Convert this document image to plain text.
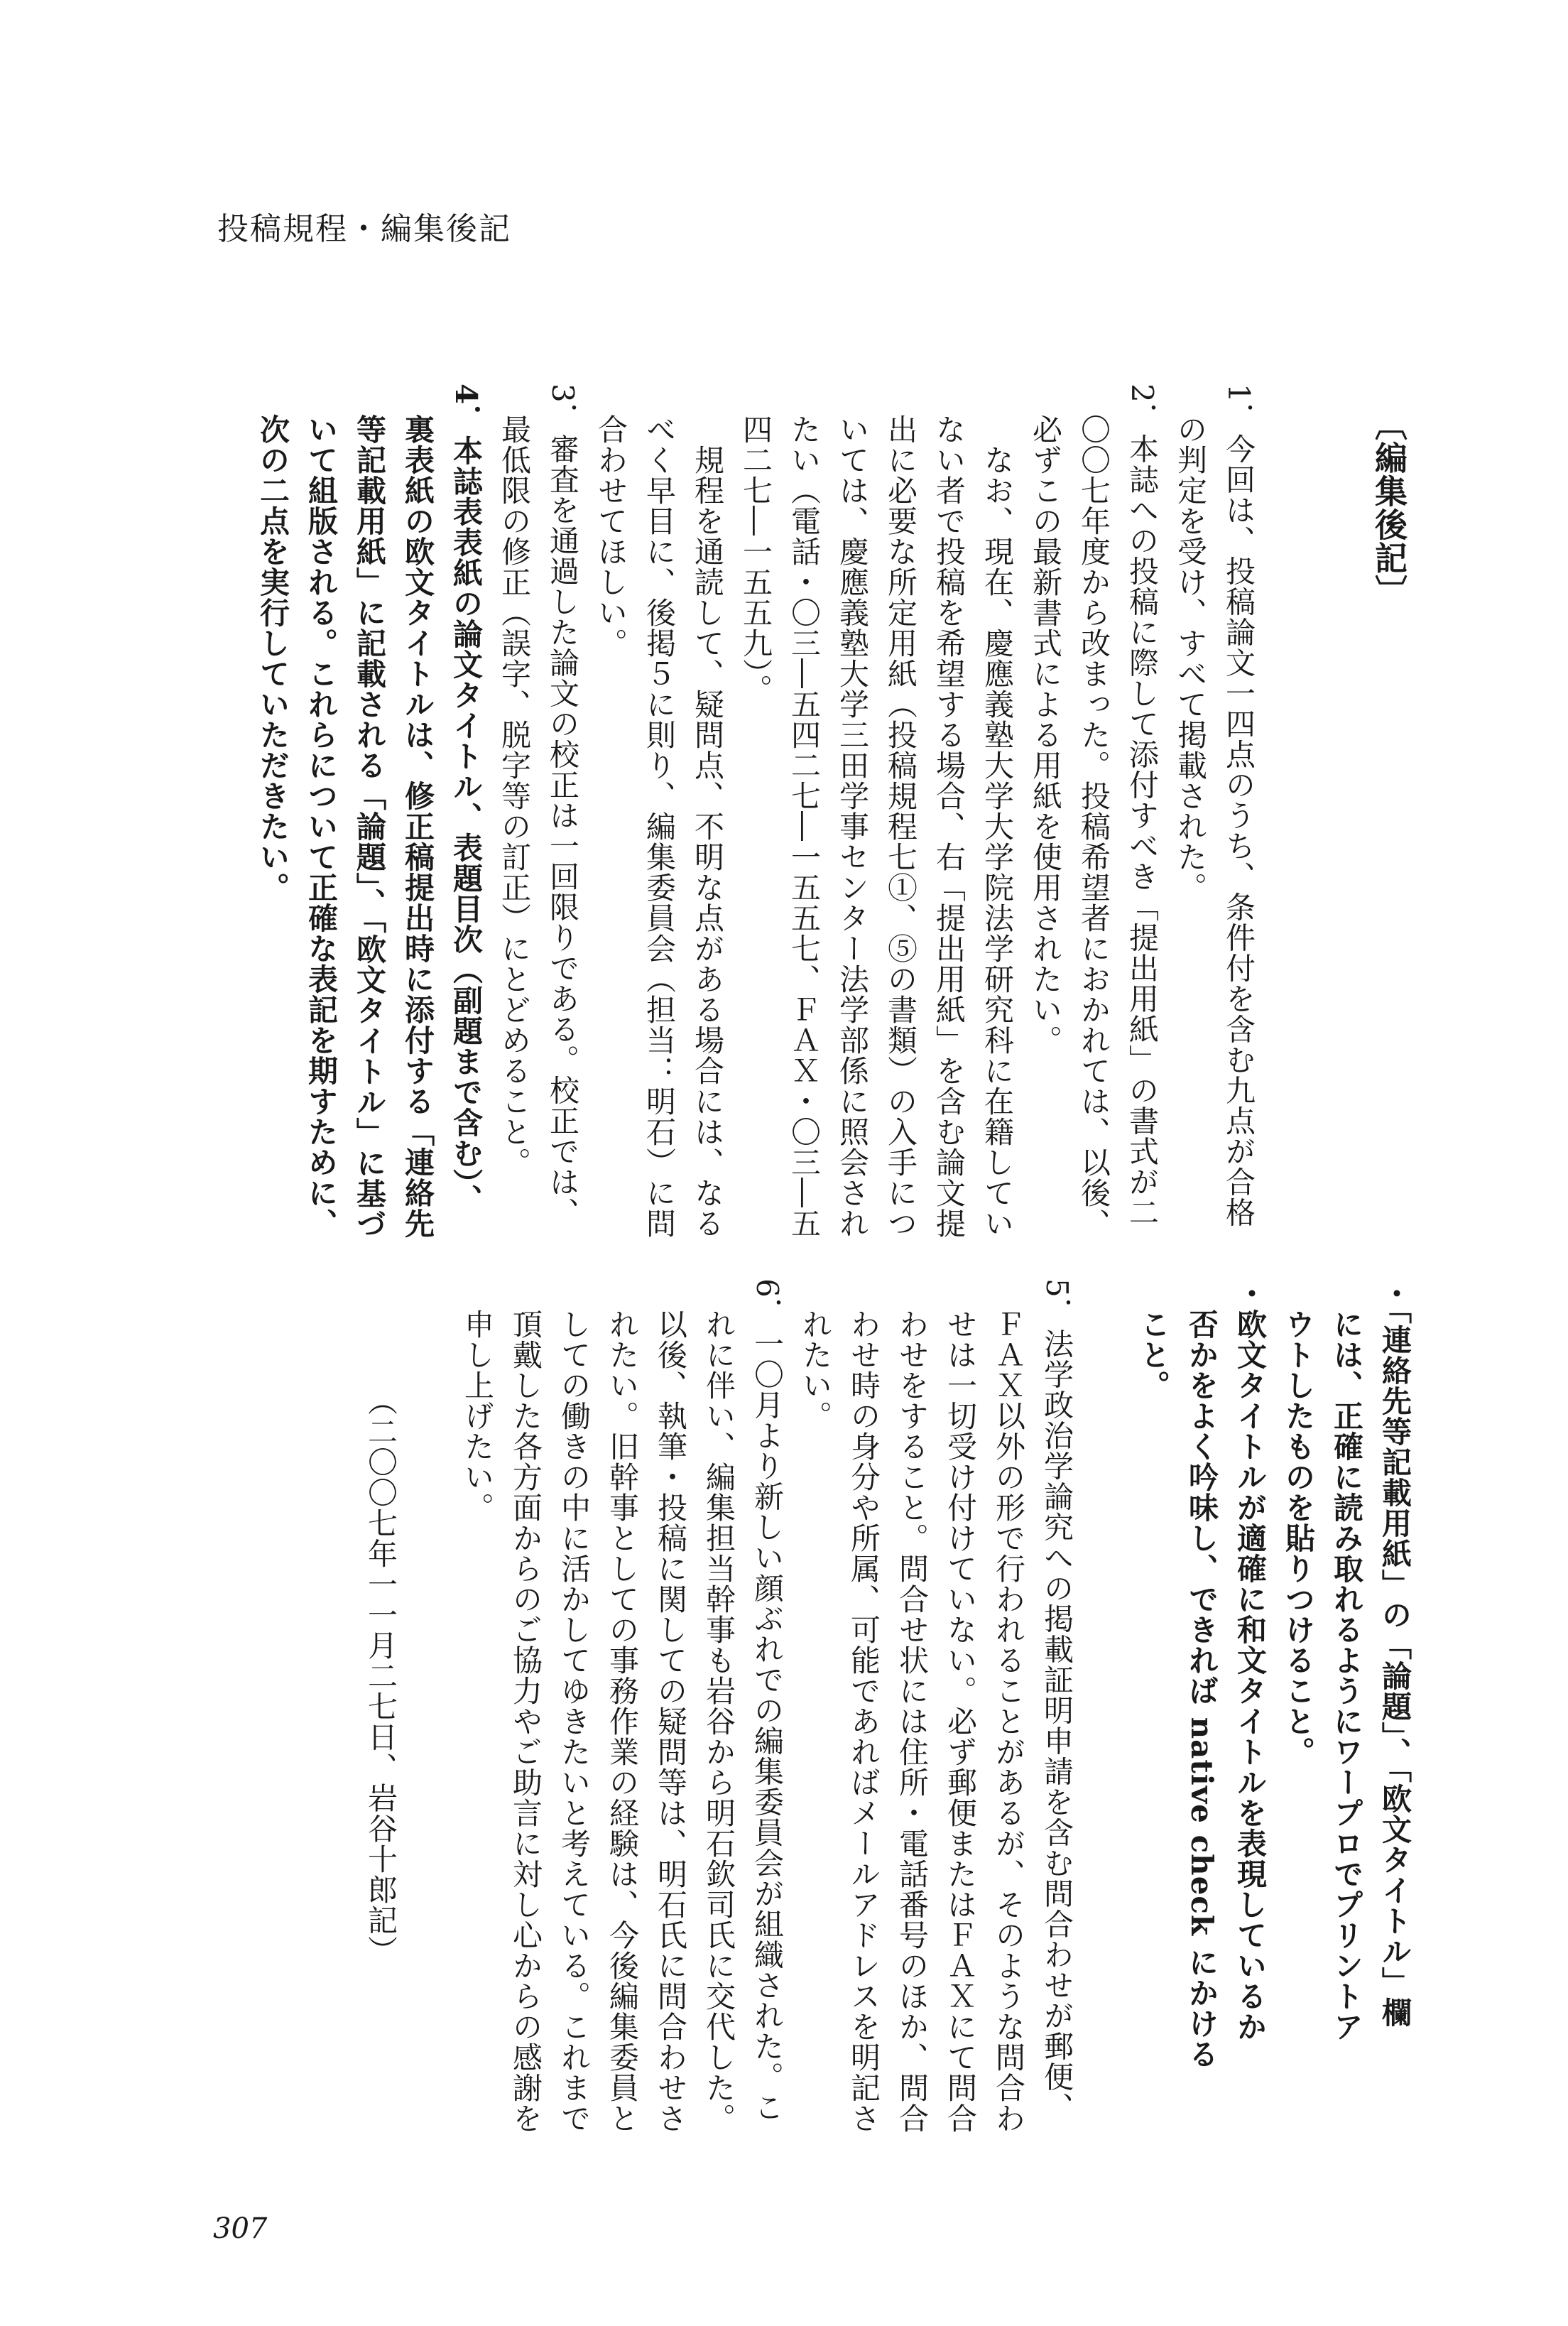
投稿規程・編集後記
〔編集後記〕
1．今回は、投稿論文一四点のうち、条件付を含む九点が合格
　の判定を受け、すべて掲載された。
2．本誌への投稿に際して添付すべき「提出用紙」の書式が二
　〇〇七年度から改まった。投稿希望者におかれては、以後、
　必ずこの最新書式による用紙を使用されたい。
　　なお、現在、慶應義塾大学大学院法学研究科に在籍してい
　ない者で投稿を希望する場合、右「提出用紙」を含む論文提
　出に必要な所定用紙（投稿規程七①、⑤の書類）の入手につ
　いては、慶應義塾大学三田学事センター法学部係に照会され
　たい（電話・〇三―五四二七―一五五七、ＦＡＸ・〇三―五
　四二七―一五五九）。
　　規程を通読して、疑問点、不明な点がある場合には、なる
　べく早目に、後掲５に則り、編集委員会（担当：明石）に問
　合わせてほしい。
3．審査を通過した論文の校正は一回限りである。校正では、
　最低限の修正（誤字、脱字等の訂正）にとどめること。
4．本誌表表紙の論文タイトル、表題目次（副題まで含む）、
　裏表紙の欧文タイトルは、修正稿提出時に添付する「連絡先
　等記載用紙」に記載される「論題」、「欧文タイトル」に基づ
　いて組版される。これらについて正確な表記を期すために、
　次の二点を実行していただきたい。
・「連絡先等記載用紙」の「論題」、「欧文タイトル」欄
　には、正確に読み取れるようにワープロでプリントア
　ウトしたものを貼りつけること。
・欧文タイトルが適確に和文タイトルを表現しているか
　否かをよく吟味し、できれば native check にかける
　こと。

5．法学政治学論究への掲載証明申請を含む問合わせが郵便、
　ＦＡＸ以外の形で行われることがあるが、そのような問合わ
　せは一切受け付けていない。必ず郵便またはＦＡＸにて問合
　わせをすること。問合せ状には住所・電話番号のほか、問合
　わせ時の身分や所属、可能であればメールアドレスを明記さ
　れたい。
6．一〇月より新しい顔ぶれでの編集委員会が組織された。こ
　れに伴い、編集担当幹事も岩谷から明石欽司氏に交代した。
　以後、執筆・投稿に関しての疑問等は、明石氏に問合わせさ
　れたい。旧幹事としての事務作業の経験は、今後編集委員と
　しての働きの中に活かしてゆきたいと考えている。これまで
　頂戴した各方面からのご協力やご助言に対し心からの感謝を
　申し上げたい。

　　　　（二〇〇七年一一月二七日、岩谷十郎記）
307
